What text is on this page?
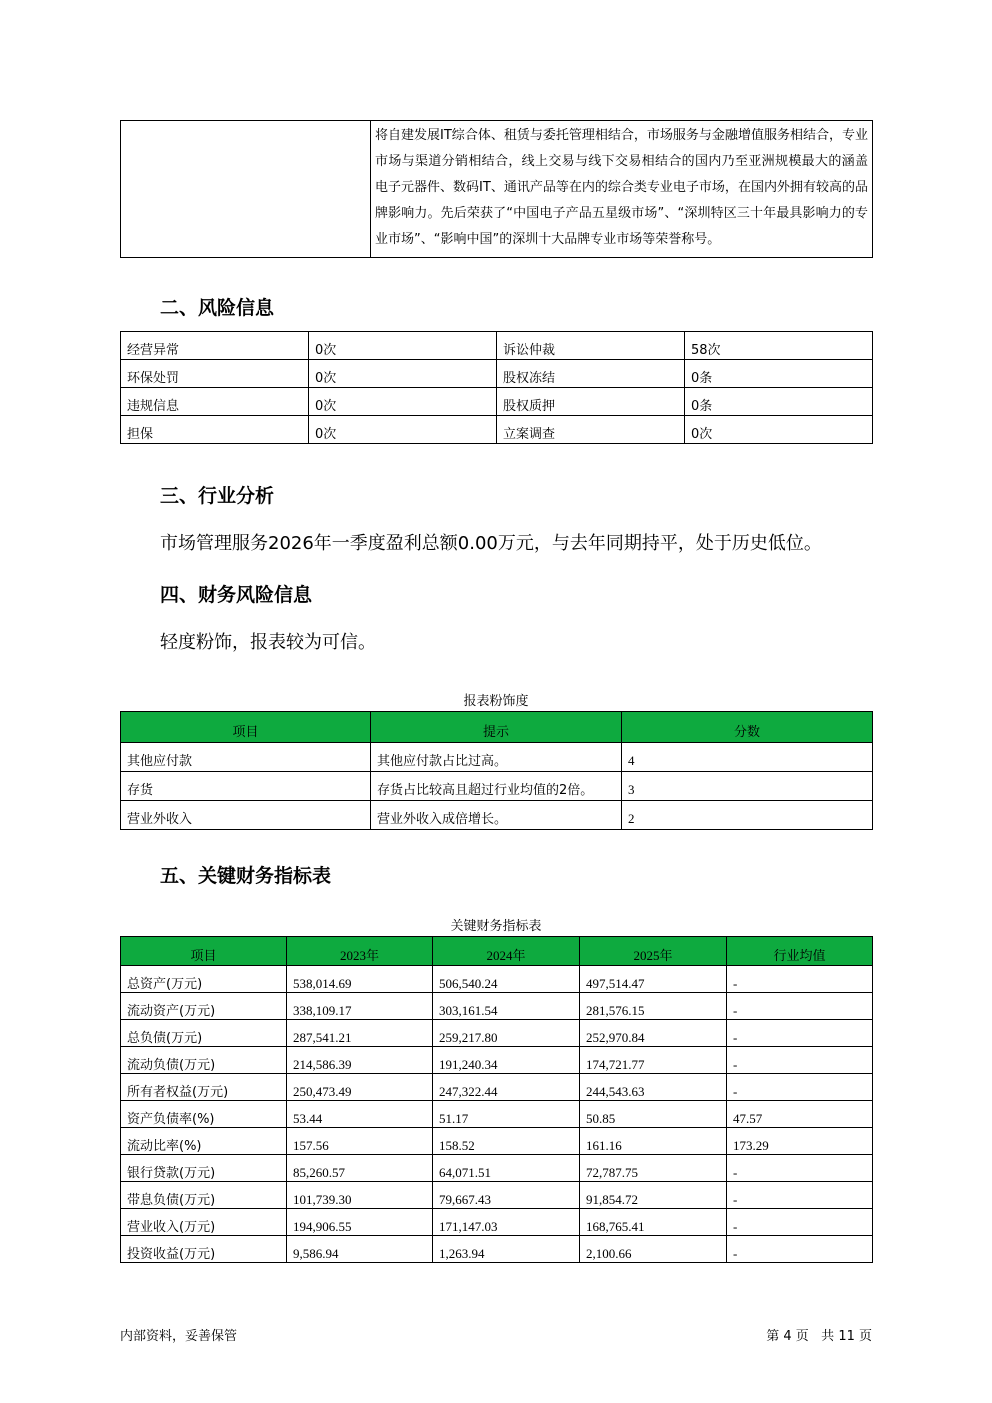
	将自建发展IT综合体、租赁与委托管理相结合，市场服务与金融增值服务相结合，专业市场与渠道分销相结合，线上交易与线下交易相结合的国内乃至亚洲规模最大的涵盖电子元器件、数码IT、通讯产品等在内的综合类专业电子市场，在国内外拥有较高的品牌影响力。先后荣获了“中国电子产品五星级市场”、“深圳特区三十年最具影响力的专业市场”、“影响中国”的深圳十大品牌专业市场等荣誉称号。
二、风险信息
经营异常	0次	诉讼仲裁	58次
环保处罚	0次	股权冻结	0条
违规信息	0次	股权质押	0条
担保	0次	立案调查	0次
三、行业分析

市场管理服务2026年一季度盈利总额0.00万元，与去年同期持平，处于历史低位。

四、财务风险信息

轻度粉饰，报表较为可信。

报表粉饰度
项目	提示	分数
其他应付款	其他应付款占比过高。	4
存货	存货占比较高且超过行业均值的2倍。	3
营业外收入	营业外收入成倍增长。	2
五、关键财务指标表
关键财务指标表
项目	2023年	2024年	2025年	行业均值
总资产(万元)	538,014.69	506,540.24	497,514.47	-
流动资产(万元)	338,109.17	303,161.54	281,576.15	-
总负债(万元)	287,541.21	259,217.80	252,970.84	-
流动负债(万元)	214,586.39	191,240.34	174,721.77	-
所有者权益(万元)	250,473.49	247,322.44	244,543.63	-
资产负债率(%)	53.44	51.17	50.85	47.57
流动比率(%)	157.56	158.52	161.16	173.29
银行贷款(万元)	85,260.57	64,071.51	72,787.75	-
带息负债(万元)	101,739.30	79,667.43	91,854.72	-
营业收入(万元)	194,906.55	171,147.03	168,765.41	-
投资收益(万元)	9,586.94	1,263.94	2,100.66	-
内部资料，妥善保管	第 4 页   共 11 页
